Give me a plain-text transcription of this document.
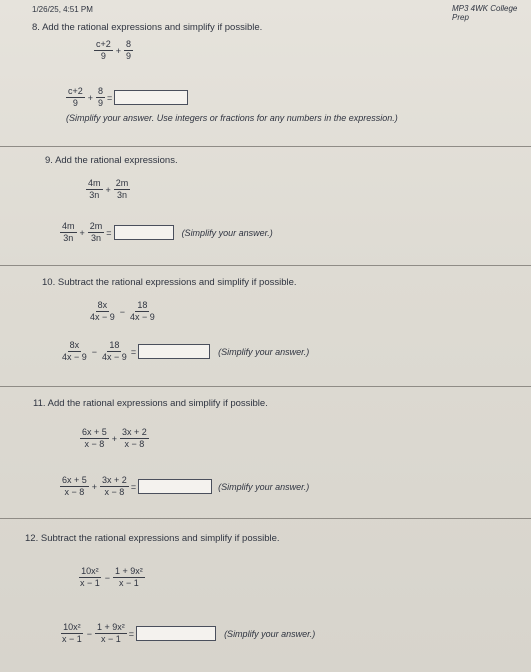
1/26/25, 4:51 PM	MP3 4WK College Prep
8. Add the rational expressions and simplify if possible.
$\frac{c+2}{9} + \frac{8}{9}$
$\frac{c+2}{9} + \frac{8}{9}$ =
(Simplify your answer. Use integers or fractions for any numbers in the expression.)
9. Add the rational expressions.
$\frac{4m}{3n} + \frac{2m}{3n}$
$\frac{4m}{3n} + \frac{2m}{3n}$ =	(Simplify your answer.)
10. Subtract the rational expressions and simplify if possible.
$\frac{8x}{4x - 9} - \frac{18}{4x - 9}$
$\frac{8x}{4x - 9} - \frac{18}{4x - 9}$ =	(Simplify your answer.)
11. Add the rational expressions and simplify if possible.
$\frac{6x + 5}{x - 8} + \frac{3x + 2}{x - 8}$
$\frac{6x + 5}{x - 8} + \frac{3x + 2}{x - 8}$ =	(Simplify your answer.)
12. Subtract the rational expressions and simplify if possible.
$\frac{\text{10x²}}{x - 1} - \frac{\text{1 + 9x²}}{x - 1}$
$\frac{\text{10x²}}{x - 1} - \frac{\text{1 + 9x²}}{x - 1}$ =	(Simplify your answer.)
